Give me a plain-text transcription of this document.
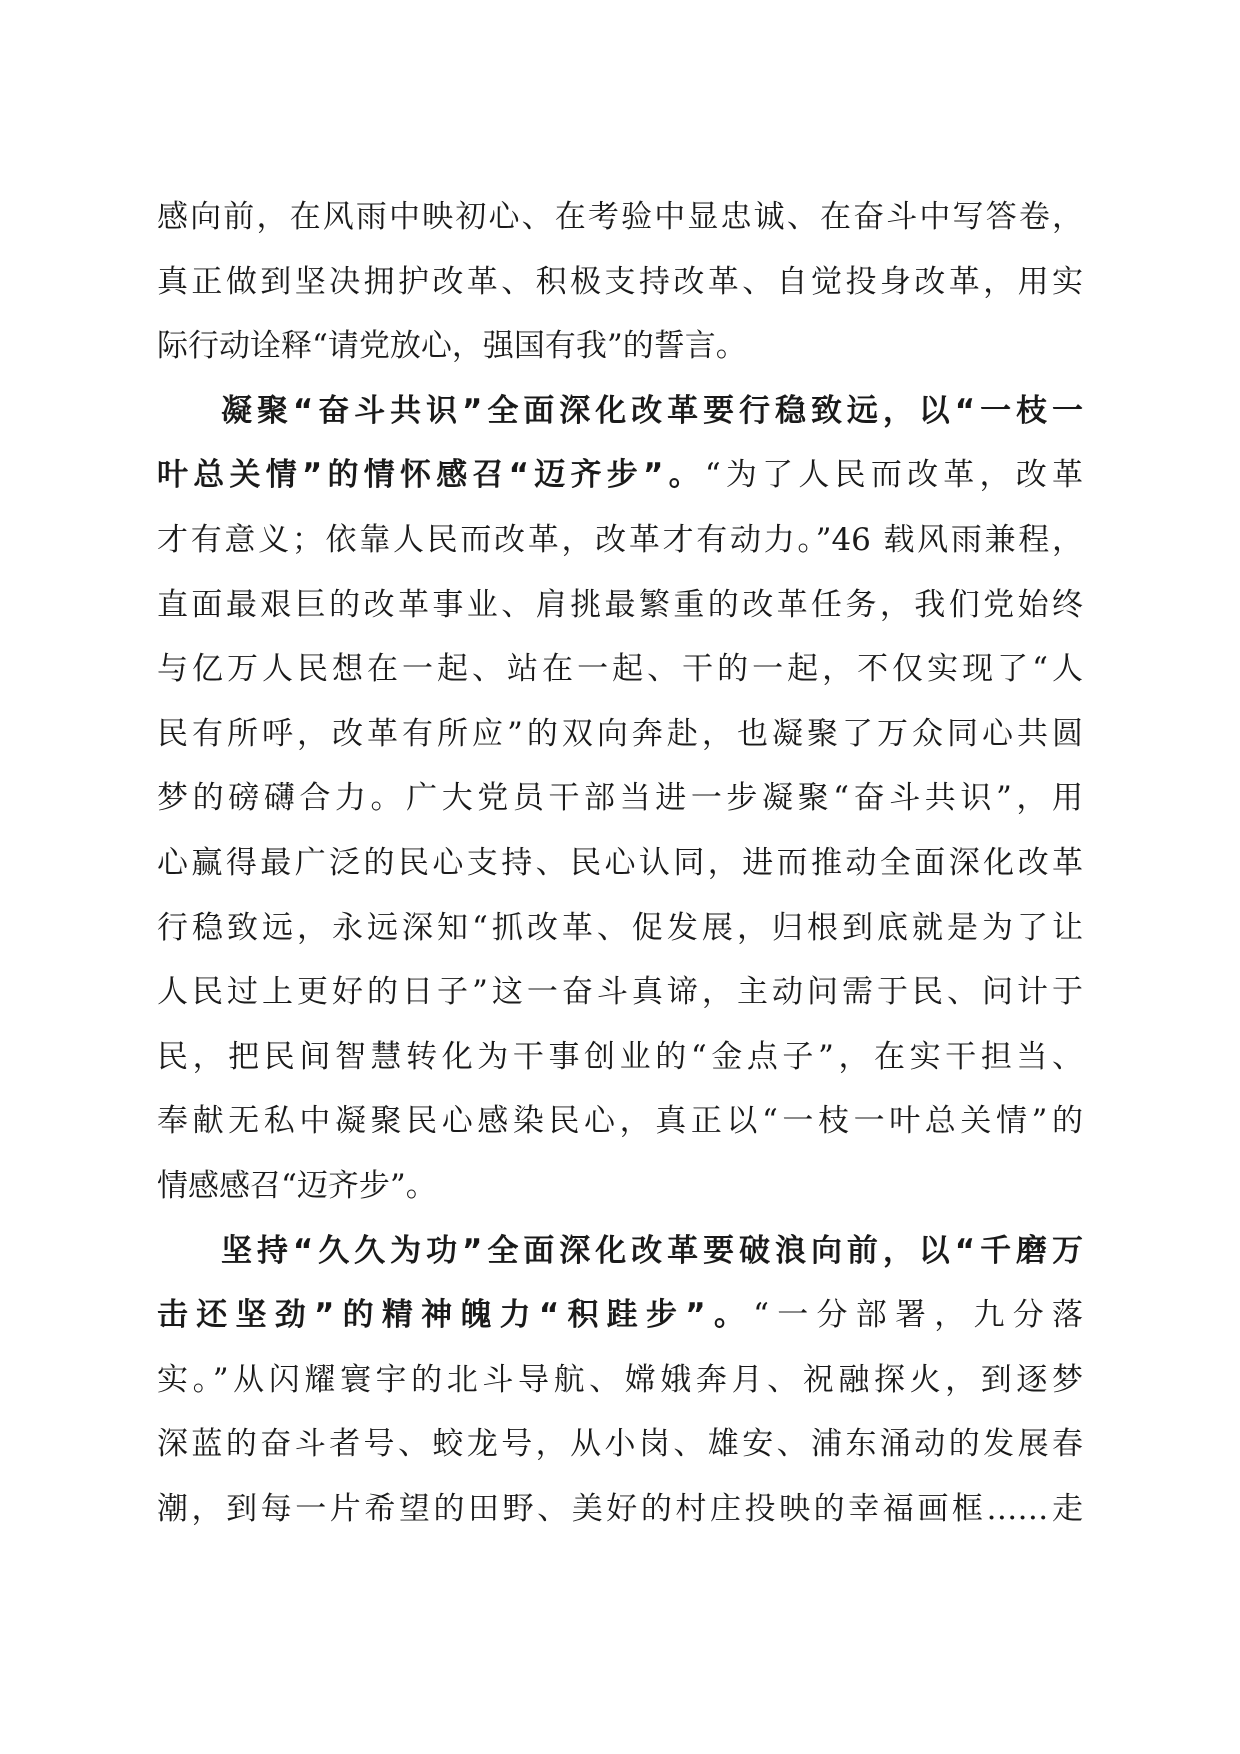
感向前，在风雨中映初心、在考验中显忠诚、在奋斗中写答卷，
真正做到坚决拥护改革、积极支持改革、自觉投身改革，用实
际行动诠释“请党放心，强国有我”的誓言。
凝聚“奋斗共识”全面深化改革要行稳致远，以“一枝一
叶总关情”的情怀感召“迈齐步”。“为了人民而改革，改革
才有意义；依靠人民而改革，改革才有动力。”46 载风雨兼程，
直面最艰巨的改革事业、肩挑最繁重的改革任务，我们党始终
与亿万人民想在一起、站在一起、干的一起，不仅实现了“人
民有所呼，改革有所应”的双向奔赴，也凝聚了万众同心共圆
梦的磅礴合力。广大党员干部当进一步凝聚“奋斗共识”，用
心赢得最广泛的民心支持、民心认同，进而推动全面深化改革
行稳致远，永远深知“抓改革、促发展，归根到底就是为了让
人民过上更好的日子”这一奋斗真谛，主动问需于民、问计于
民，把民间智慧转化为干事创业的“金点子”，在实干担当、
奉献无私中凝聚民心感染民心，真正以“一枝一叶总关情”的
情感感召“迈齐步”。
坚持“久久为功”全面深化改革要破浪向前，以“千磨万
击还坚劲”的精神魄力“积跬步”。“一分部署，九分落
实。”从闪耀寰宇的北斗导航、嫦娥奔月、祝融探火，到逐梦
深蓝的奋斗者号、蛟龙号，从小岗、雄安、浦东涌动的发展春
潮，到每一片希望的田野、美好的村庄投映的幸福画框……走
